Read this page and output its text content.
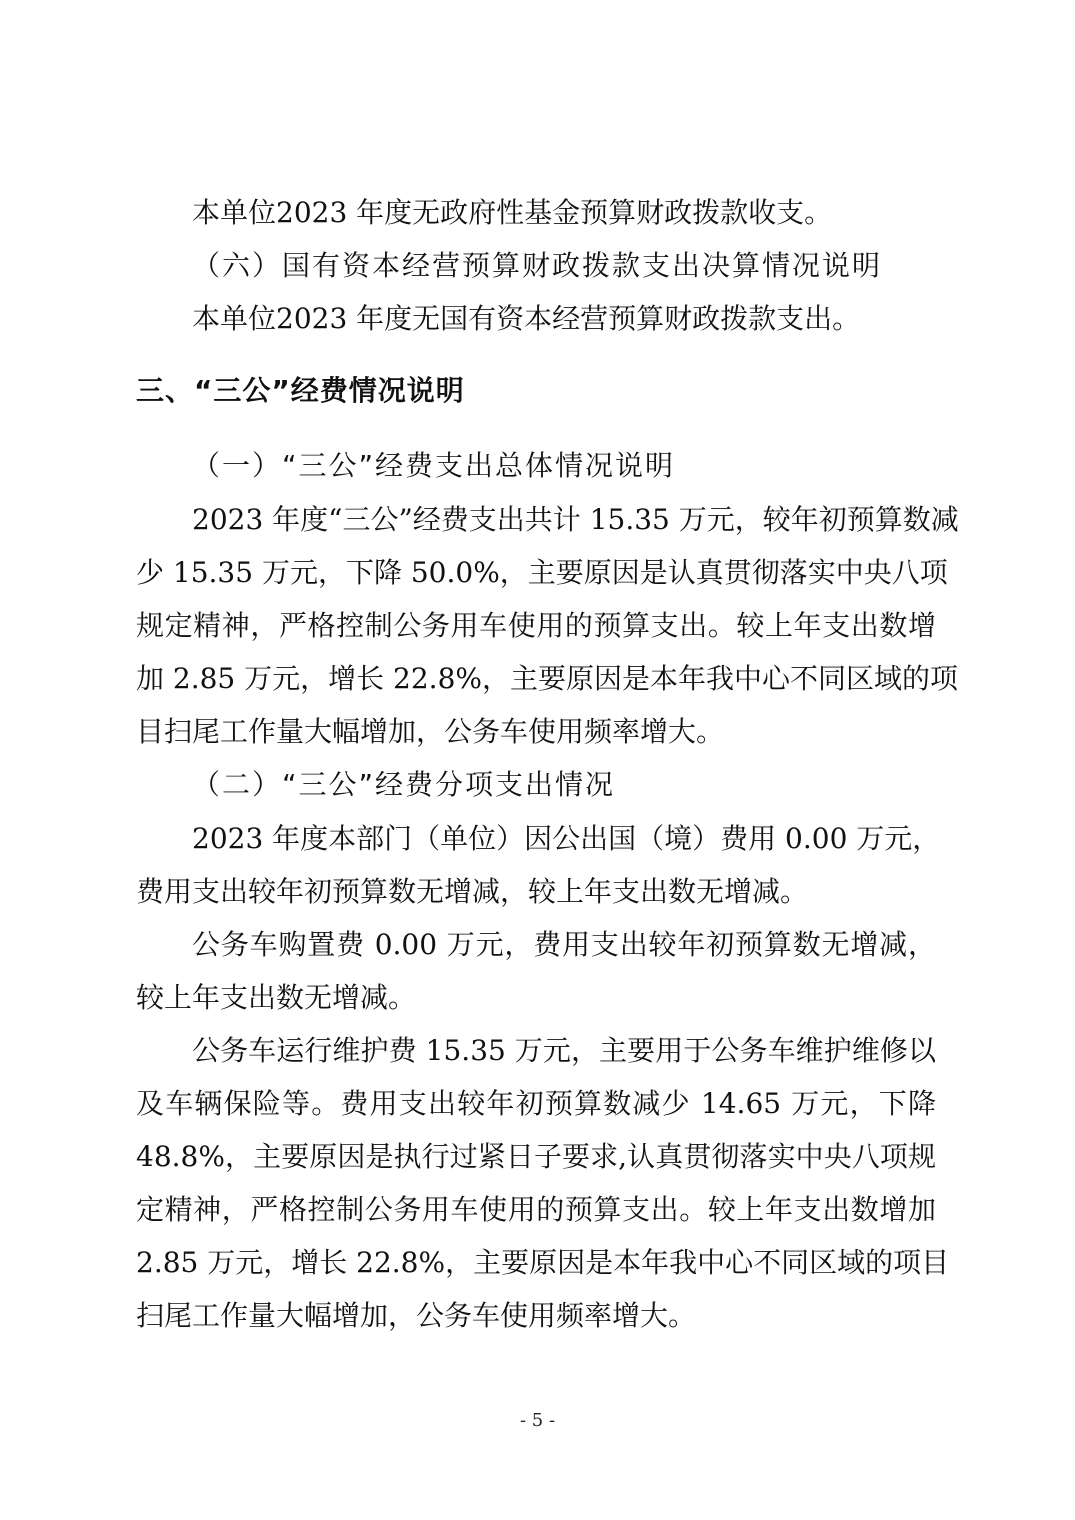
本单位2023 年度无政府性基金预算财政拨款收支。
（六）国有资本经营预算财政拨款支出决算情况说明
本单位2023 年度无国有资本经营预算财政拨款支出。
三、“三公”经费情况说明
（一）“三公”经费支出总体情况说明
2023 年度“三公”经费支出共计 15.35 万元，较年初预算数减
少 15.35 万元，下降 50.0%，主要原因是认真贯彻落实中央八项
规定精神，严格控制公务用车使用的预算支出。较上年支出数增
加 2.85 万元，增长 22.8%，主要原因是本年我中心不同区域的项
目扫尾工作量大幅增加，公务车使用频率增大。
（二）“三公”经费分项支出情况
2023 年度本部门（单位）因公出国（境）费用 0.00 万元，
费用支出较年初预算数无增减，较上年支出数无增减。
公务车购置费 0.00 万元，费用支出较年初预算数无增减，
较上年支出数无增减。
公务车运行维护费 15.35 万元，主要用于公务车维护维修以
及车辆保险等。费用支出较年初预算数减少 14.65 万元，下降
48.8%，主要原因是执行过紧日子要求,认真贯彻落实中央八项规
定精神，严格控制公务用车使用的预算支出。较上年支出数增加
2.85 万元，增长 22.8%，主要原因是本年我中心不同区域的项目
扫尾工作量大幅增加，公务车使用频率增大。
- 5 -
